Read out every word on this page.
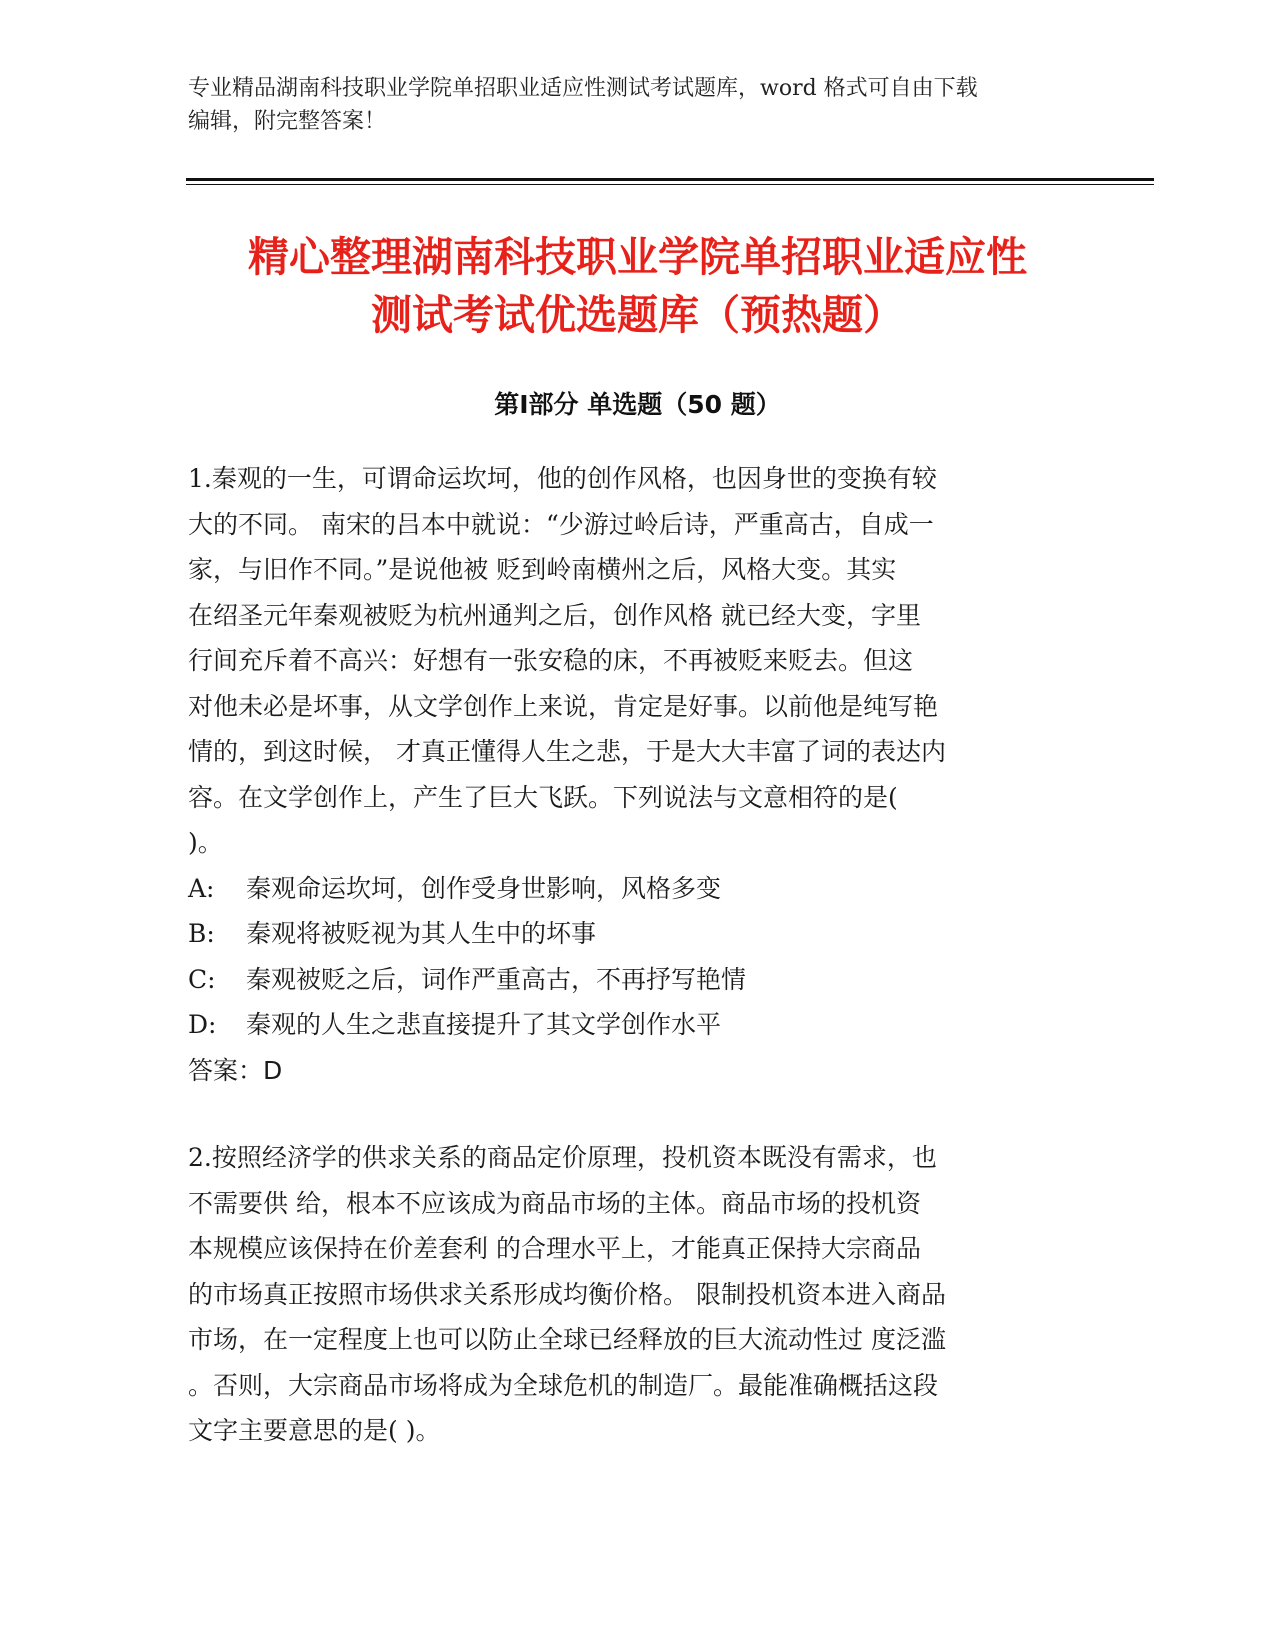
专业精品湖南科技职业学院单招职业适应性测试考试题库，word 格式可自由下载
编辑，附完整答案！
精心整理湖南科技职业学院单招职业适应性
测试考试优选题库（预热题）
第Ⅰ部分 单选题（50 题）
1.秦观的一生，可谓命运坎坷，他的创作风格，也因身世的变换有较
大的不同。 南宋的吕本中就说：“少游过岭后诗，严重高古，自成一
家，与旧作不同。”是说他被 贬到岭南横州之后，风格大变。其实
在绍圣元年秦观被贬为杭州通判之后，创作风格 就已经大变，字里
行间充斥着不高兴：好想有一张安稳的床，不再被贬来贬去。但这
对他未必是坏事，从文学创作上来说，肯定是好事。以前他是纯写艳
情的，到这时候， 才真正懂得人生之悲，于是大大丰富了词的表达内
容。在文学创作上，产生了巨大飞跃。下列说法与文意相符的是(
)。
A: 秦观命运坎坷，创作受身世影响，风格多变
B: 秦观将被贬视为其人生中的坏事
C: 秦观被贬之后，词作严重高古，不再抒写艳情
D: 秦观的人生之悲直接提升了其文学创作水平
答案：D
2.按照经济学的供求关系的商品定价原理，投机资本既没有需求，也
不需要供 给，根本不应该成为商品市场的主体。商品市场的投机资
本规模应该保持在价差套利 的合理水平上，才能真正保持大宗商品
的市场真正按照市场供求关系形成均衡价格。 限制投机资本进入商品
市场，在一定程度上也可以防止全球已经释放的巨大流动性过 度泛滥
。否则，大宗商品市场将成为全球危机的制造厂。最能准确概括这段
文字主要意思的是( )。
